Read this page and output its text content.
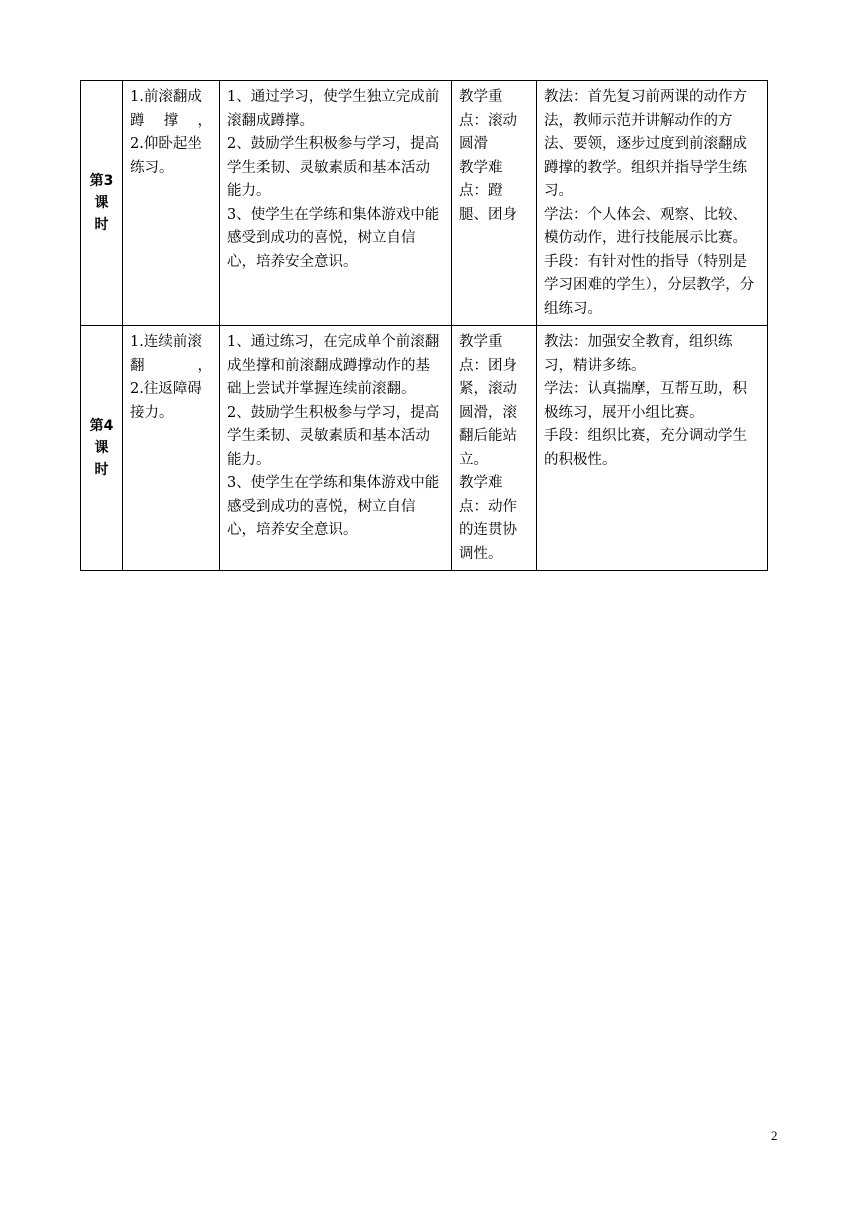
第3
课
时	1.前滚翻成
蹲　撑　，
2.仰卧起坐
练习。	1、通过学习，使学生独立完成前滚翻成蹲撑。
2、鼓励学生积极参与学习，提高学生柔韧、灵敏素质和基本活动能力。
3、使学生在学练和集体游戏中能感受到成功的喜悦，树立自信心，培养安全意识。	教学重点：滚动圆滑
教学难点：蹬腿、团身	教法：首先复习前两课的动作方法，教师示范并讲解动作的方法、要领，逐步过度到前滚翻成蹲撑的教学。组织并指导学生练习。
学法：个人体会、观察、比较、模仿动作，进行技能展示比赛。
手段：有针对性的指导（特别是学习困难的学生），分层教学，分组练习。

第4
课
时	1.连续前滚
翻　　　，
2.往返障碍
接力。	1、通过练习，在完成单个前滚翻成坐撑和前滚翻成蹲撑动作的基础上尝试并掌握连续前滚翻。
2、鼓励学生积极参与学习，提高学生柔韧、灵敏素质和基本活动能力。
3、使学生在学练和集体游戏中能感受到成功的喜悦，树立自信心，培养安全意识。	教学重点：团身紧，滚动圆滑，滚翻后能站立。
教学难点：动作的连贯协调性。	教法：加强安全教育，组织练习，精讲多练。
学法：认真揣摩，互帮互助，积极练习，展开小组比赛。
手段：组织比赛，充分调动学生的积极性。
2
